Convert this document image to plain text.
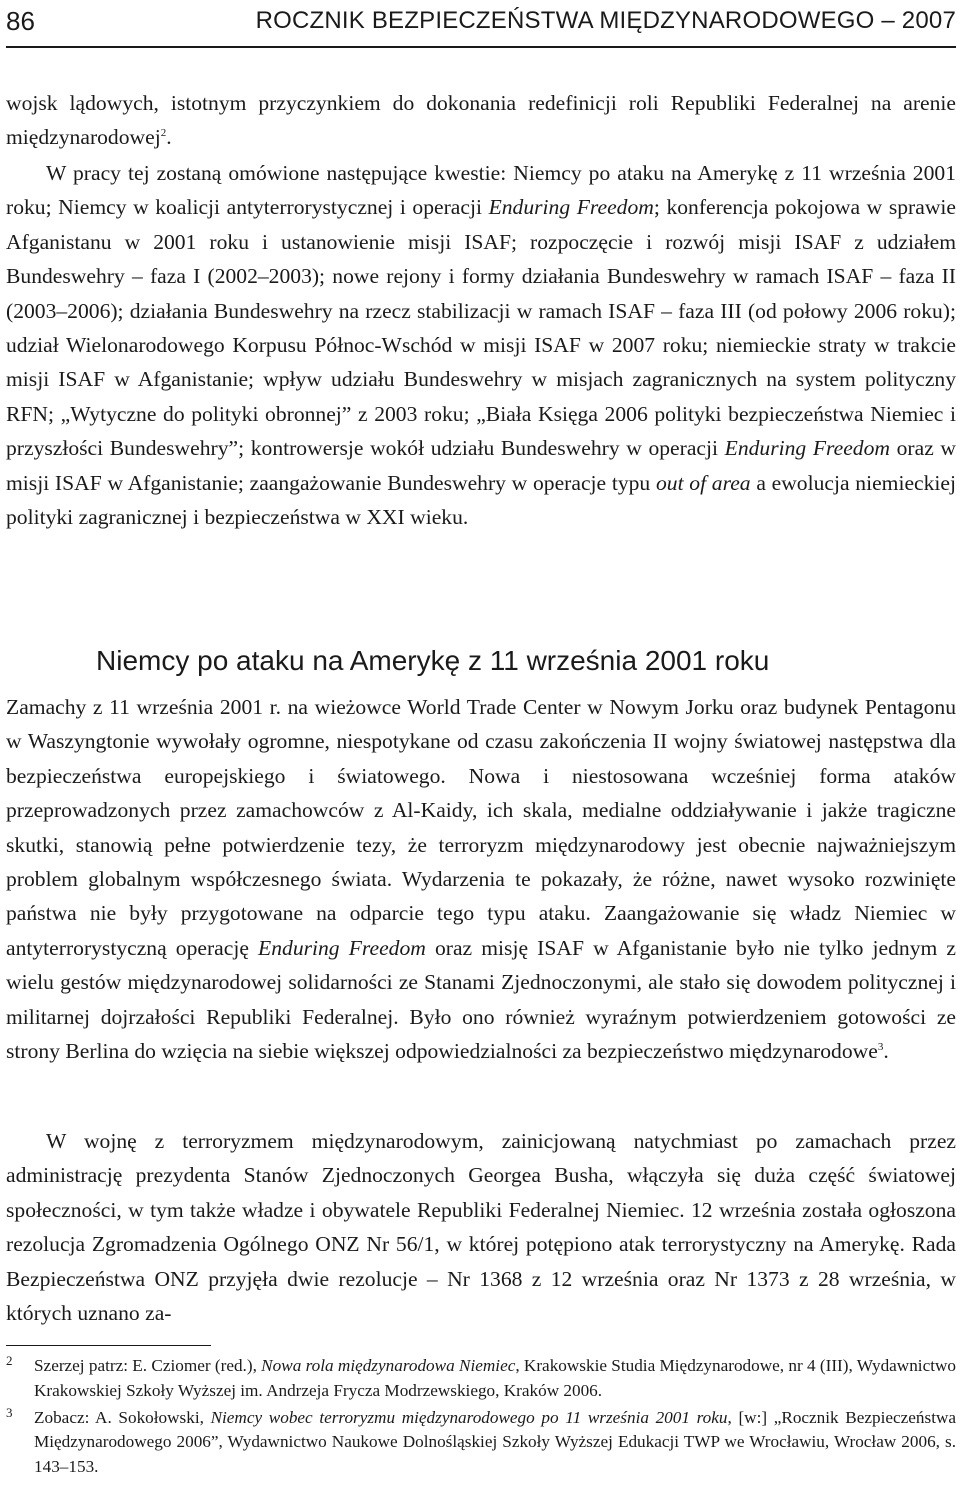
86	ROCZNIK BEZPIECZEŃSTWA MIĘDZYNARODOWEGO – 2007

wojsk lądowych, istotnym przyczynkiem do dokonania redefinicji roli Republiki Federalnej na arenie międzynarodowej$^2$.

W pracy tej zostaną omówione następujące kwestie: Niemcy po ataku na Amerykę z 11 września 2001 roku; Niemcy w koalicji antyterrorystycznej i operacji Enduring Freedom; konferencja pokojowa w sprawie Afganistanu w 2001 roku i ustanowienie misji ISAF; rozpoczęcie i rozwój misji ISAF z udziałem Bundeswehry – faza I (2002–2003); nowe rejony i formy działania Bundeswehry w ramach ISAF – faza II (2003–2006); działania Bundeswehry na rzecz stabilizacji w ramach ISAF – faza III (od połowy 2006 roku); udział Wielonarodowego Korpusu Północ-Wschód w misji ISAF w 2007 roku; niemieckie straty w trakcie misji ISAF w Afganistanie; wpływ udziału Bundeswehry w misjach zagranicznych na system polityczny RFN; „Wytyczne do polityki obronnej” z 2003 roku; „Biała Księga 2006 polityki bezpieczeństwa Niemiec i przyszłości Bundeswehry”; kontrowersje wokół udziału Bundeswehry w operacji Enduring Freedom oraz w misji ISAF w Afganistanie; zaangażowanie Bundeswehry w operacje typu out of area a ewolucja niemieckiej polityki zagranicznej i bezpieczeństwa w XXI wieku.

Niemcy po ataku na Amerykę z 11 września 2001 roku

Zamachy z 11 września 2001 r. na wieżowce World Trade Center w Nowym Jorku oraz budynek Pentagonu w Waszyngtonie wywołały ogromne, niespotykane od czasu zakończenia II wojny światowej następstwa dla bezpieczeństwa europejskiego i światowego. Nowa i niestosowana wcześniej forma ataków przeprowadzonych przez zamachowców z Al-Kaidy, ich skala, medialne oddziaływanie i jakże tragiczne skutki, stanowią pełne potwierdzenie tezy, że terroryzm międzynarodowy jest obecnie najważniejszym problem globalnym współczesnego świata. Wydarzenia te pokazały, że różne, nawet wysoko rozwinięte państwa nie były przygotowane na odparcie tego typu ataku. Zaangażowanie się władz Niemiec w antyterrorystyczną operację Enduring Freedom oraz misję ISAF w Afganistanie było nie tylko jednym z wielu gestów międzynarodowej solidarności ze Stanami Zjednoczonymi, ale stało się dowodem politycznej i militarnej dojrzałości Republiki Federalnej. Było ono również wyraźnym potwierdzeniem gotowości ze strony Berlina do wzięcia na siebie większej odpowiedzialności za bezpieczeństwo międzynarodowe$^3$.

W wojnę z terroryzmem międzynarodowym, zainicjowaną natychmiast po zamachach przez administrację prezydenta Stanów Zjednoczonych Georgea Busha, włączyła się duża część światowej społeczności, w tym także władze i obywatele Republiki Federalnej Niemiec. 12 września została ogłoszona rezolucja Zgromadzenia Ogólnego ONZ Nr 56/1, w której potępiono atak terrorystyczny na Amerykę. Rada Bezpieczeństwa ONZ przyjęła dwie rezolucje – Nr 1368 z 12 września oraz Nr 1373 z 28 września, w których uznano za-

2 Szerzej patrz: E. Cziomer (red.), Nowa rola międzynarodowa Niemiec, Krakowskie Studia Międzynarodowe, nr 4 (III), Wydawnictwo Krakowskiej Szkoły Wyższej im. Andrzeja Frycza Modrzewskiego, Kraków 2006.
3 Zobacz: A. Sokołowski, Niemcy wobec terroryzmu międzynarodowego po 11 września 2001 roku, [w:] „Rocznik Bezpieczeństwa Międzynarodowego 2006”, Wydawnictwo Naukowe Dolnośląskiej Szkoły Wyższej Edukacji TWP we Wrocławiu, Wrocław 2006, s. 143–153.
